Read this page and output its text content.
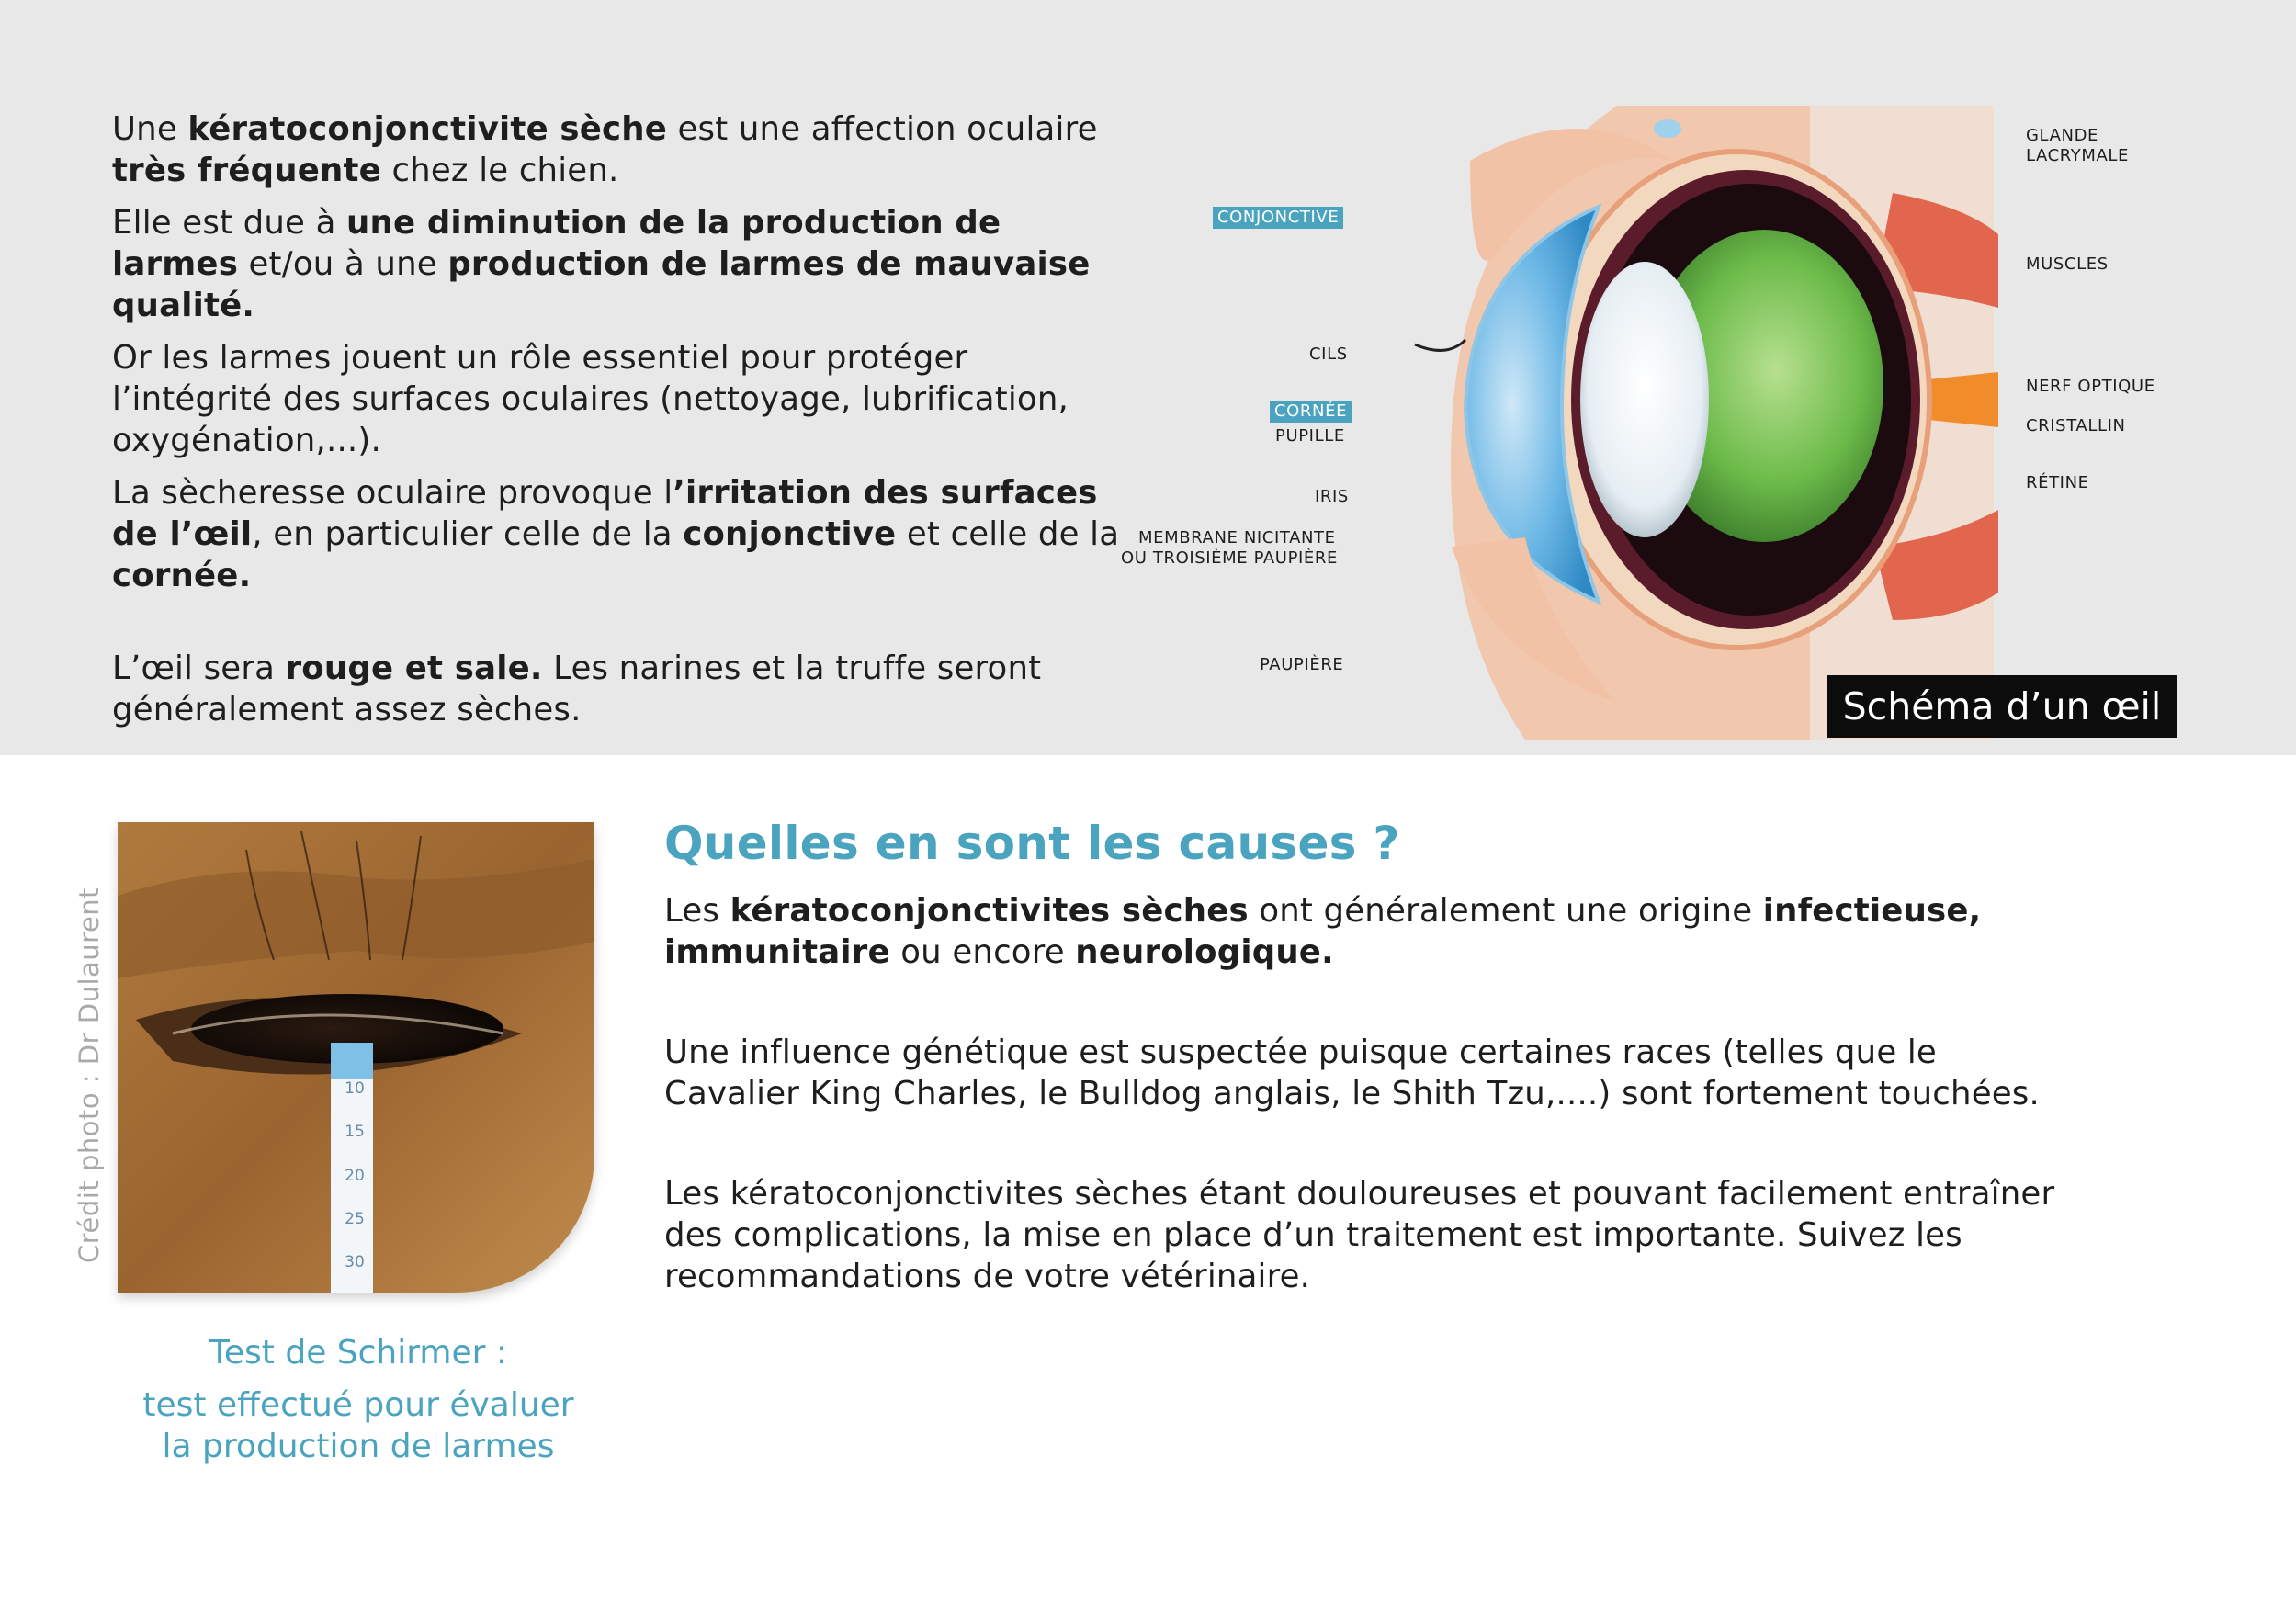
Une kératoconjonctivite sèche est une affection oculaire très fréquente chez le chien.

Elle est due à une diminution de la production de larmes et/ou à une production de larmes de mauvaise qualité.

Or les larmes jouent un rôle essentiel pour protéger l’intégrité des surfaces oculaires (nettoyage, lubrification, oxygénation,...).

La sècheresse oculaire provoque l’irritation des surfaces de l’œil, en particulier celle de la conjonctive et celle de la cornée.

L’œil sera rouge et sale. Les narines et la truffe seront généralement assez sèches.

CONJONCTIVE
CILS
CORNÉE
PUPILLE
IRIS
MEMBRANE NICITANTE
OU TROISIÈME PAUPIÈRE
PAUPIÈRE
GLANDE
LACRYMALE
MUSCLES
NERF OPTIQUE
CRISTALLIN
RÉTINE
Schéma d’un œil
Crédit photo : Dr Dulaurent	10
15
20
25
30
Test de Schirmer :
test effectué pour évaluer
la production de larmes
Quelles en sont les causes ?

Les kératoconjonctivites sèches ont généralement une origine infectieuse, immunitaire ou encore neurologique.

Une influence génétique est suspectée puisque certaines races (telles que le Cavalier King Charles, le Bulldog anglais, le Shith Tzu,....) sont fortement touchées.

Les kératoconjonctivites sèches étant douloureuses et pouvant facilement entraîner des complications, la mise en place d’un traitement est importante. Suivez les recommandations de votre vétérinaire.
